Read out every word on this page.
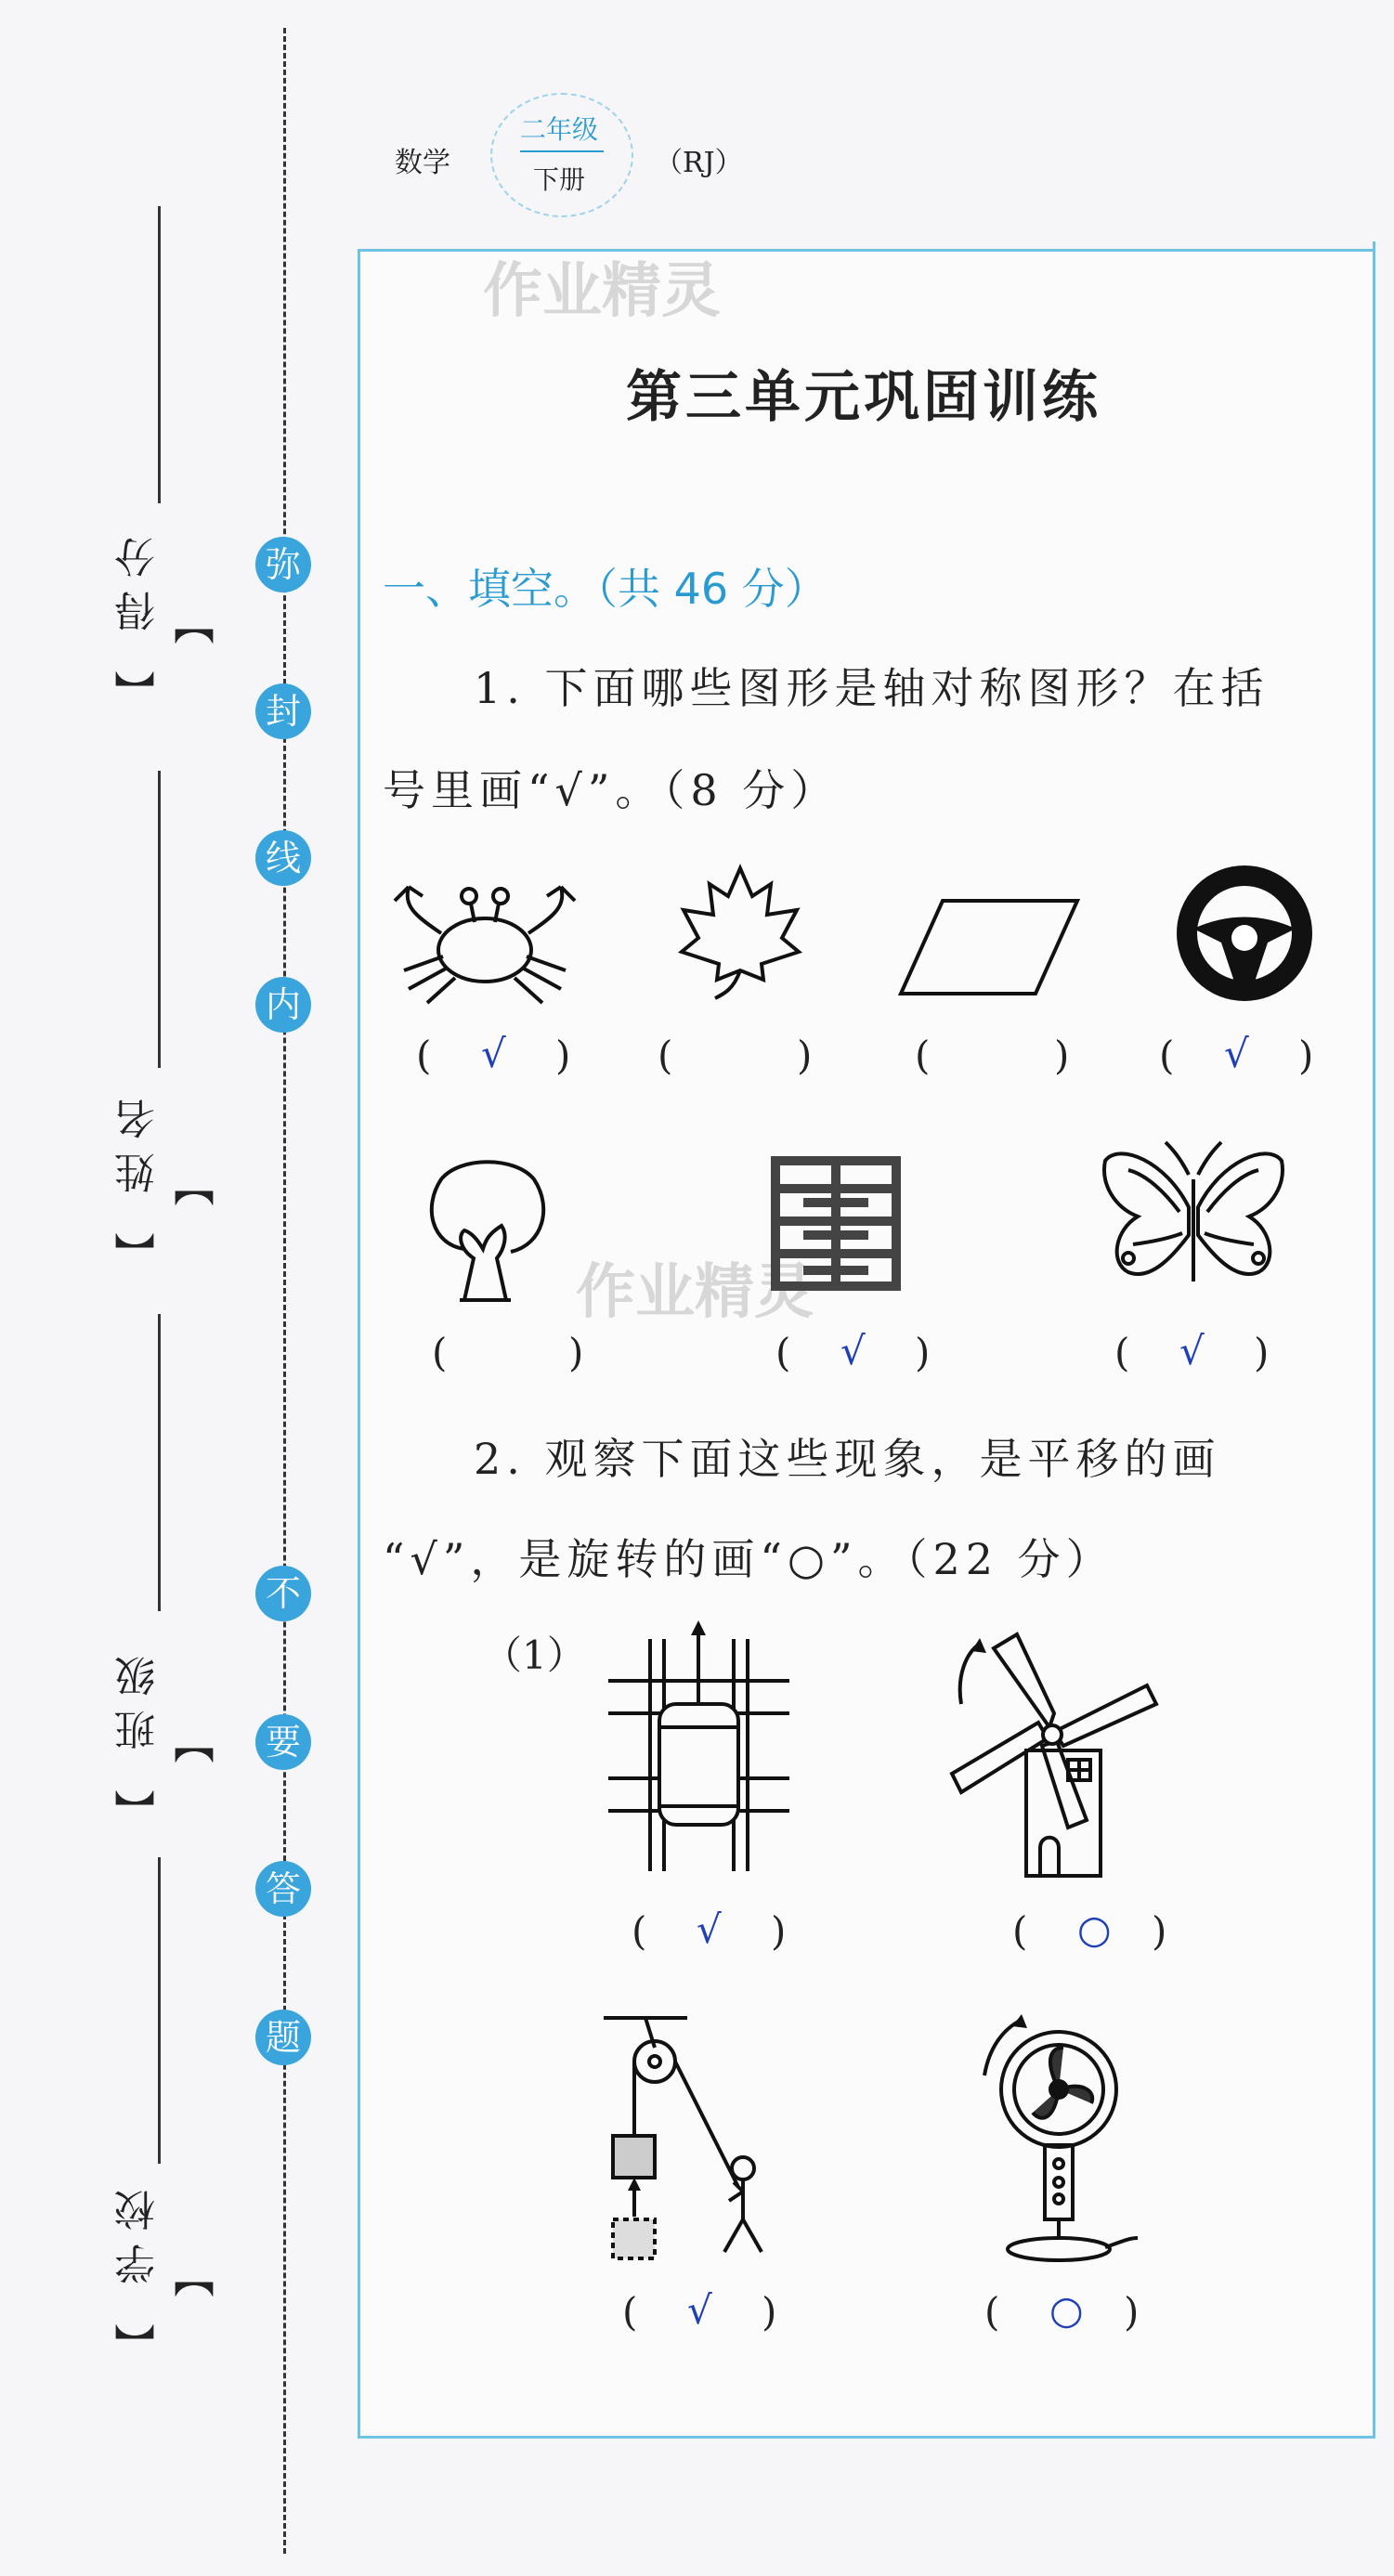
弥
封
线
内
不
要
答
题
【 得分 】
【 姓名 】
【 班级 】
【 学校 】
数学
二年级
下册
（RJ）
作业精灵
作业精灵
第三单元巩固训练
一、填空。（共 46 分）
1. 下面哪些图形是轴对称图形？在括
号里画“√”。（8 分）
( √ ) (	)	(	) ( √ )
(	)	( √ )	( √ )
2. 观察下面这些现象，是平移的画
“√”，是旋转的画“○”。（22 分）
（1）
( √ )	( ○ )
( √ )	( ○ )
